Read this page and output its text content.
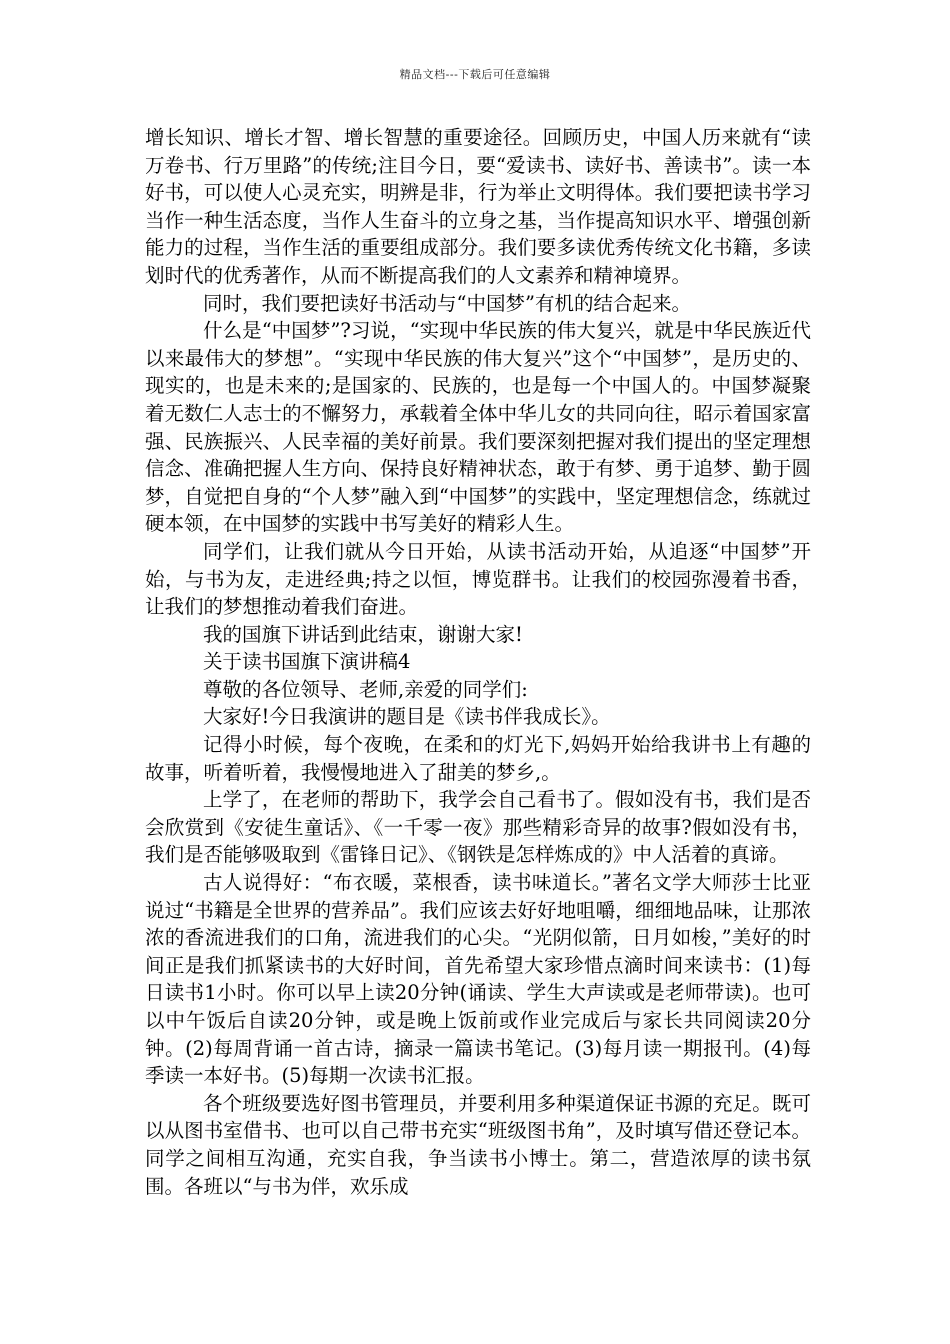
精品文档---下载后可任意编辑

增长知识、增长才智、增长智慧的重要途径。回顾历史，中国人历来就有“读万卷书、行万里路”的传统;注目今日，要“爱读书、读好书、善读书”。读一本好书，可以使人心灵充实，明辨是非，行为举止文明得体。我们要把读书学习当作一种生活态度，当作人生奋斗的立身之基，当作提高知识水平、增强创新能力的过程，当作生活的重要组成部分。我们要多读优秀传统文化书籍，多读划时代的优秀著作，从而不断提高我们的人文素养和精神境界。

同时，我们要把读好书活动与“中国梦”有机的结合起来。

什么是“中国梦”?习说，“实现中华民族的伟大复兴，就是中华民族近代以来最伟大的梦想”。“实现中华民族的伟大复兴”这个“中国梦”，是历史的、现实的，也是未来的;是国家的、民族的，也是每一个中国人的。中国梦凝聚着无数仁人志士的不懈努力，承载着全体中华儿女的共同向往，昭示着国家富强、民族振兴、人民幸福的美好前景。我们要深刻把握对我们提出的坚定理想信念、准确把握人生方向、保持良好精神状态，敢于有梦、勇于追梦、勤于圆梦，自觉把自身的“个人梦”融入到“中国梦”的实践中，坚定理想信念，练就过硬本领，在中国梦的实践中书写美好的精彩人生。

同学们，让我们就从今日开始，从读书活动开始，从追逐“中国梦”开始，与书为友，走进经典;持之以恒，博览群书。让我们的校园弥漫着书香，让我们的梦想推动着我们奋进。

我的国旗下讲话到此结束，谢谢大家!

关于读书国旗下演讲稿4

尊敬的各位领导、老师,亲爱的同学们:

大家好!今日我演讲的题目是《读书伴我成长》。

记得小时候，每个夜晚，在柔和的灯光下,妈妈开始给我讲书上有趣的故事，听着听着，我慢慢地进入了甜美的梦乡,。

上学了，在老师的帮助下，我学会自己看书了。假如没有书，我们是否会欣赏到《安徒生童话》、《一千零一夜》那些精彩奇异的故事?假如没有书，我们是否能够吸取到《雷锋日记》、《钢铁是怎样炼成的》中人活着的真谛。

古人说得好：“布衣暖，菜根香，读书味道长。”著名文学大师莎士比亚说过“书籍是全世界的营养品”。我们应该去好好地咀嚼，细细地品味，让那浓浓的香流进我们的口角，流进我们的心尖。“光阴似箭，日月如梭，”美好的时间正是我们抓紧读书的大好时间，首先希望大家珍惜点滴时间来读书：(1)每日读书1小时。你可以早上读20分钟(诵读、学生大声读或是老师带读)。也可以中午饭后自读20分钟，或是晚上饭前或作业完成后与家长共同阅读20分钟。(2)每周背诵一首古诗，摘录一篇读书笔记。(3)每月读一期报刊。(4)每季读一本好书。(5)每期一次读书汇报。

各个班级要选好图书管理员，并要利用多种渠道保证书源的充足。既可以从图书室借书、也可以自己带书充实“班级图书角”，及时填写借还登记本。同学之间相互沟通，充实自我，争当读书小博士。第二，营造浓厚的读书氛围。各班以“与书为伴，欢乐成
